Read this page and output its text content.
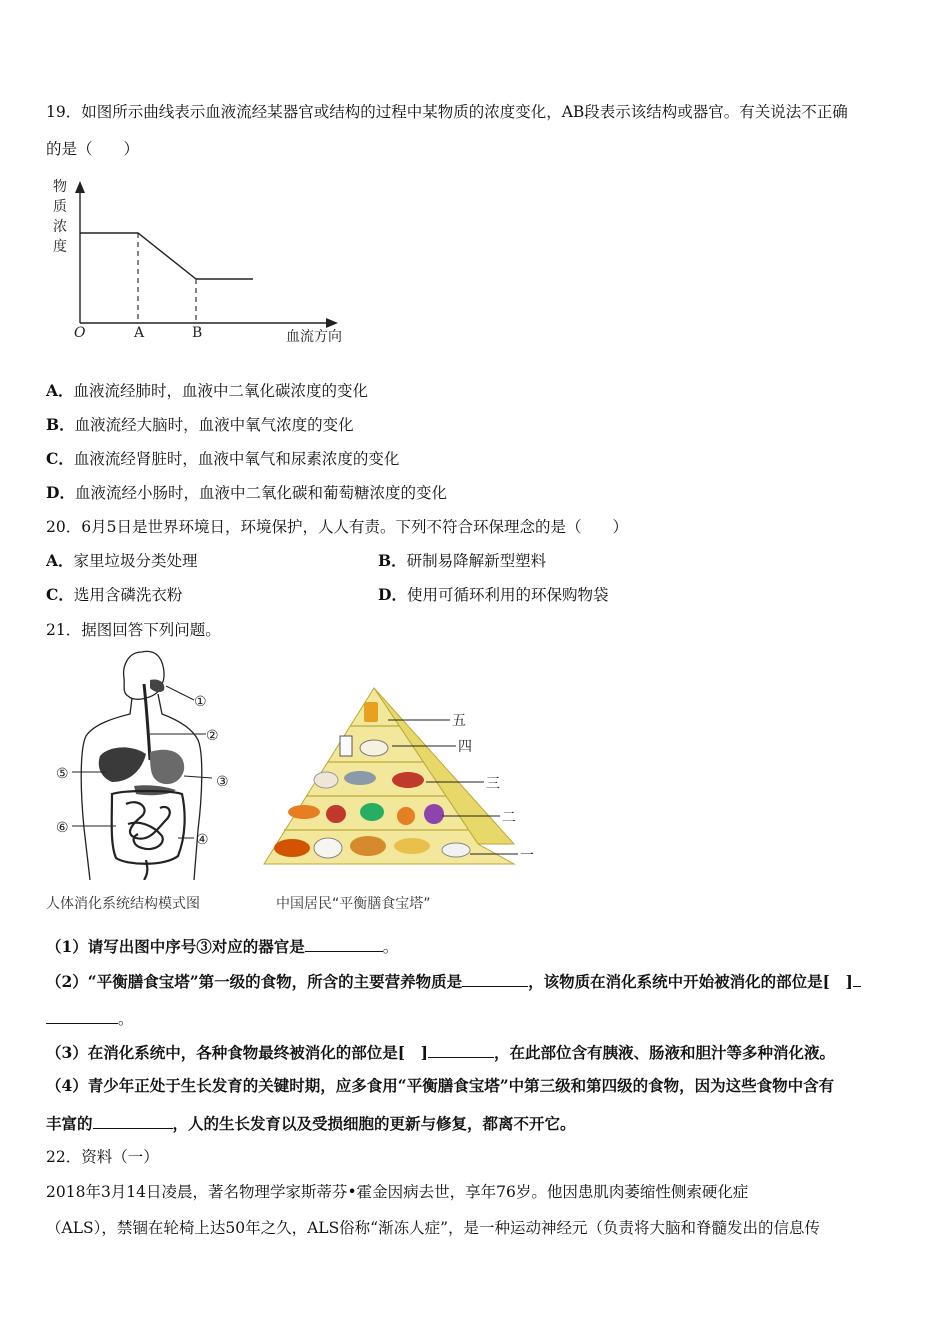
19．如图所示曲线表示血液流经某器官或结构的过程中某物质的浓度变化，AB段表示该结构或器官。有关说法不正确
的是（　　）
物
质
浓
度
O	A	B	血流方向
A．血液流经肺时，血液中二氧化碳浓度的变化
B．血液流经大脑时，血液中氧气浓度的变化
C．血液流经肾脏时，血液中氧气和尿素浓度的变化
D．血液流经小肠时，血液中二氧化碳和葡萄糖浓度的变化
20．6月5日是世界环境日，环境保护，人人有责。下列不符合环保理念的是（　　）
A．家里垃圾分类处理	B．研制易降解新型塑料
C．选用含磷洗衣粉	D．使用可循环利用的环保购物袋
21．据图回答下列问题。
①
②
③
④
⑤
⑥
五
四
三
二
一
人体消化系统结构模式图	中国居民“平衡膳食宝塔”
（1）请写出图中序号③对应的器官是	。
（2）“平衡膳食宝塔”第一级的食物，所含的主要营养物质是	，该物质在消化系统中开始被消化的部位是[　]
。
（3）在消化系统中，各种食物最终被消化的部位是[　]	，在此部位含有胰液、肠液和胆汁等多种消化液。
（4）青少年正处于生长发育的关键时期，应多食用“平衡膳食宝塔”中第三级和第四级的食物，因为这些食物中含有
丰富的	，人的生长发育以及受损细胞的更新与修复，都离不开它。
22．资料（一）
2018年3月14日凌晨，著名物理学家斯蒂芬•霍金因病去世，享年76岁。他因患肌肉萎缩性侧索硬化症
（ALS），禁锢在轮椅上达50年之久，ALS俗称“渐冻人症”，是一种运动神经元（负责将大脑和脊髓发出的信息传
